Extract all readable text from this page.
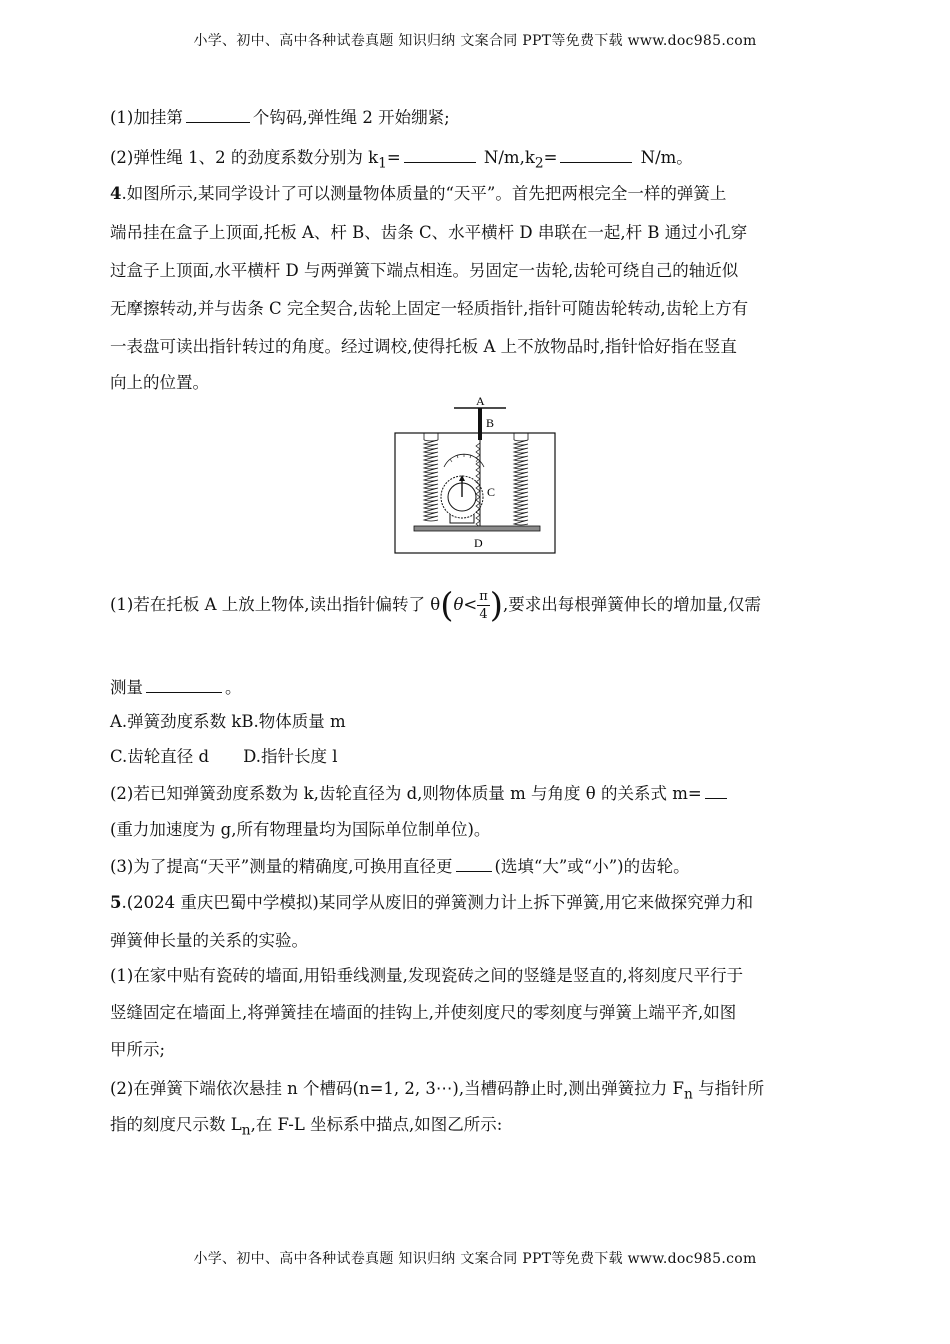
小学、初中、高中各种试卷真题 知识归纳 文案合同 PPT等免费下载 www.doc985.com
(1)加挂第	个钩码,弹性绳 2 开始绷紧;
(2)弹性绳 1、2 的劲度系数分别为 $k_1=$	$N/m,k_2=$	N/m。
4.如图所示,某同学设计了可以测量物体质量的“天平”。首先把两根完全一样的弹簧上
端吊挂在盒子上顶面,托板 A、杆 B、齿条 C、水平横杆 D 串联在一起,杆 B 通过小孔穿
过盒子上顶面,水平横杆 D 与两弹簧下端点相连。另固定一齿轮,齿轮可绕自己的轴近似
无摩擦转动,并与齿条 C 完全契合,齿轮上固定一轻质指针,指针可随齿轮转动,齿轮上方有
一表盘可读出指针转过的角度。经过调校,使得托板 A 上不放物品时,指针恰好指在竖直
向上的位置。
A
B
C
D
(1)若在托板 A 上放上物体,读出指针偏转了 $\theta(\theta< \frac{\pi}{4}$ ),要求出每根弹簧伸长的增加量,仅需
测量	。
A.弹簧劲度系数 kB.物体质量 m
C.齿轮直径 d D.指针长度 l
(2)若已知弹簧劲度系数为 k,齿轮直径为 d,则物体质量 m 与角度 θ 的关系式 m=
(重力加速度为 g,所有物理量均为国际单位制单位)。
(3)为了提高“天平”测量的精确度,可换用直径更	(选填“大”或“小”)的齿轮。
5.(2024 重庆巴蜀中学模拟)某同学从废旧的弹簧测力计上拆下弹簧,用它来做探究弹力和
弹簧伸长量的关系的实验。
(1)在家中贴有瓷砖的墙面,用铅垂线测量,发现瓷砖之间的竖缝是竖直的,将刻度尺平行于
竖缝固定在墙面上,将弹簧挂在墙面的挂钩上,并使刻度尺的零刻度与弹簧上端平齐,如图
甲所示;
(2)在弹簧下端依次悬挂 n 个槽码(n=1, 2, 3⋯),当槽码静止时,测出弹簧拉力 $F_n$ 与指针所
指的刻度尺示数 $L_n$,在 F-L 坐标系中描点,如图乙所示:
小学、初中、高中各种试卷真题 知识归纳 文案合同 PPT等免费下载 www.doc985.com
